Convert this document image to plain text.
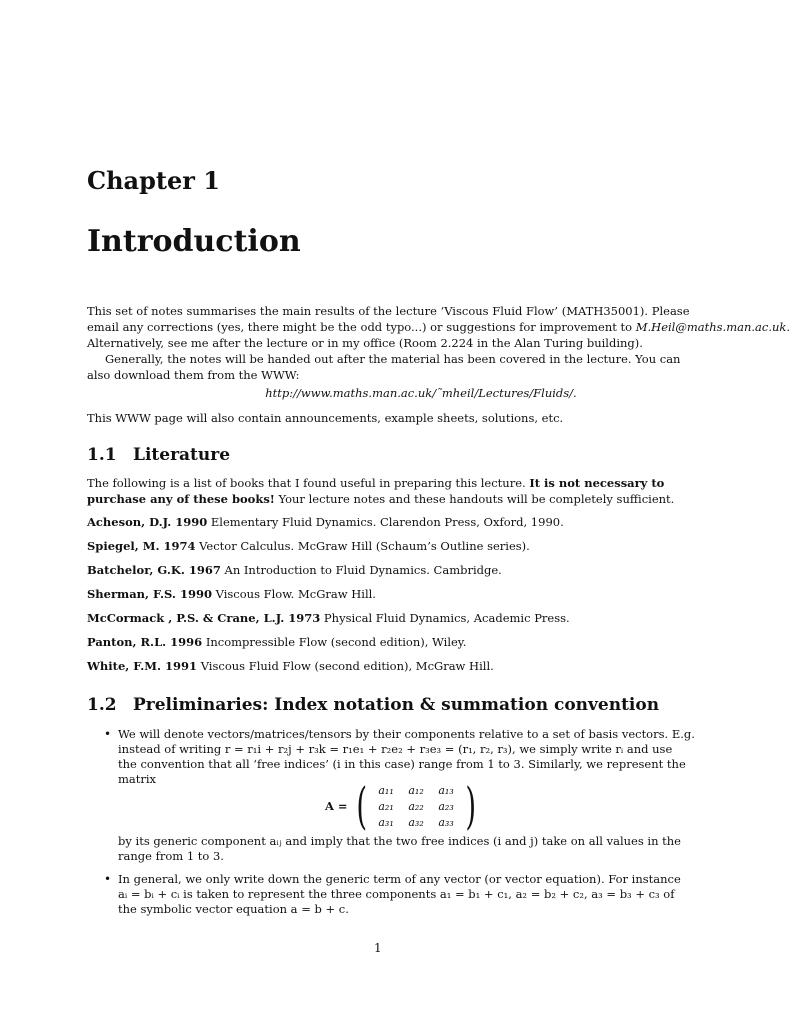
Chapter 1
Introduction
This set of notes summarises the main results of the lecture ‘Viscous Fluid Flow’ (MATH35001). Please
email any corrections (yes, there might be the odd typo...) or suggestions for improvement to M.Heil@maths.man.ac.uk.
Alternatively, see me after the lecture or in my office (Room 2.224 in the Alan Turing building).
Generally, the notes will be handed out after the material has been covered in the lecture. You can
also download them from the WWW:
http://www.maths.man.ac.uk/˜mheil/Lectures/Fluids/.
This WWW page will also contain announcements, example sheets, solutions, etc.
1.1 Literature
The following is a list of books that I found useful in preparing this lecture. It is not necessary to
purchase any of these books! Your lecture notes and these handouts will be completely sufficient.
Acheson, D.J. 1990 Elementary Fluid Dynamics. Clarendon Press, Oxford, 1990.
Spiegel, M. 1974 Vector Calculus. McGraw Hill (Schaum’s Outline series).
Batchelor, G.K. 1967 An Introduction to Fluid Dynamics. Cambridge.
Sherman, F.S. 1990 Viscous Flow. McGraw Hill.
McCormack , P.S. & Crane, L.J. 1973 Physical Fluid Dynamics, Academic Press.
Panton, R.L. 1996 Incompressible Flow (second edition), Wiley.
White, F.M. 1991 Viscous Fluid Flow (second edition), McGraw Hill.
1.2 Preliminaries: Index notation & summation convention
• We will denote vectors/matrices/tensors by their components relative to a set of basis vectors. E.g.
instead of writing r = r₁i + r₂j + r₃k = r₁e₁ + r₂e₂ + r₃e₃ = (r₁, r₂, r₃), we simply write rᵢ and use
the convention that all ‘free indices’ (i in this case) range from 1 to 3. Similarly, we represent the
matrix
A = (	a₁₁	a₁₂	a₁₃
a₂₁	a₂₂	a₂₃
a₃₁	a₃₂	a₃₃ )
by its generic component aᵢⱼ and imply that the two free indices (i and j) take on all values in the
range from 1 to 3.
• In general, we only write down the generic term of any vector (or vector equation). For instance
aᵢ = bᵢ + cᵢ is taken to represent the three components a₁ = b₁ + c₁, a₂ = b₂ + c₂, a₃ = b₃ + c₃ of
the symbolic vector equation a = b + c.
1
